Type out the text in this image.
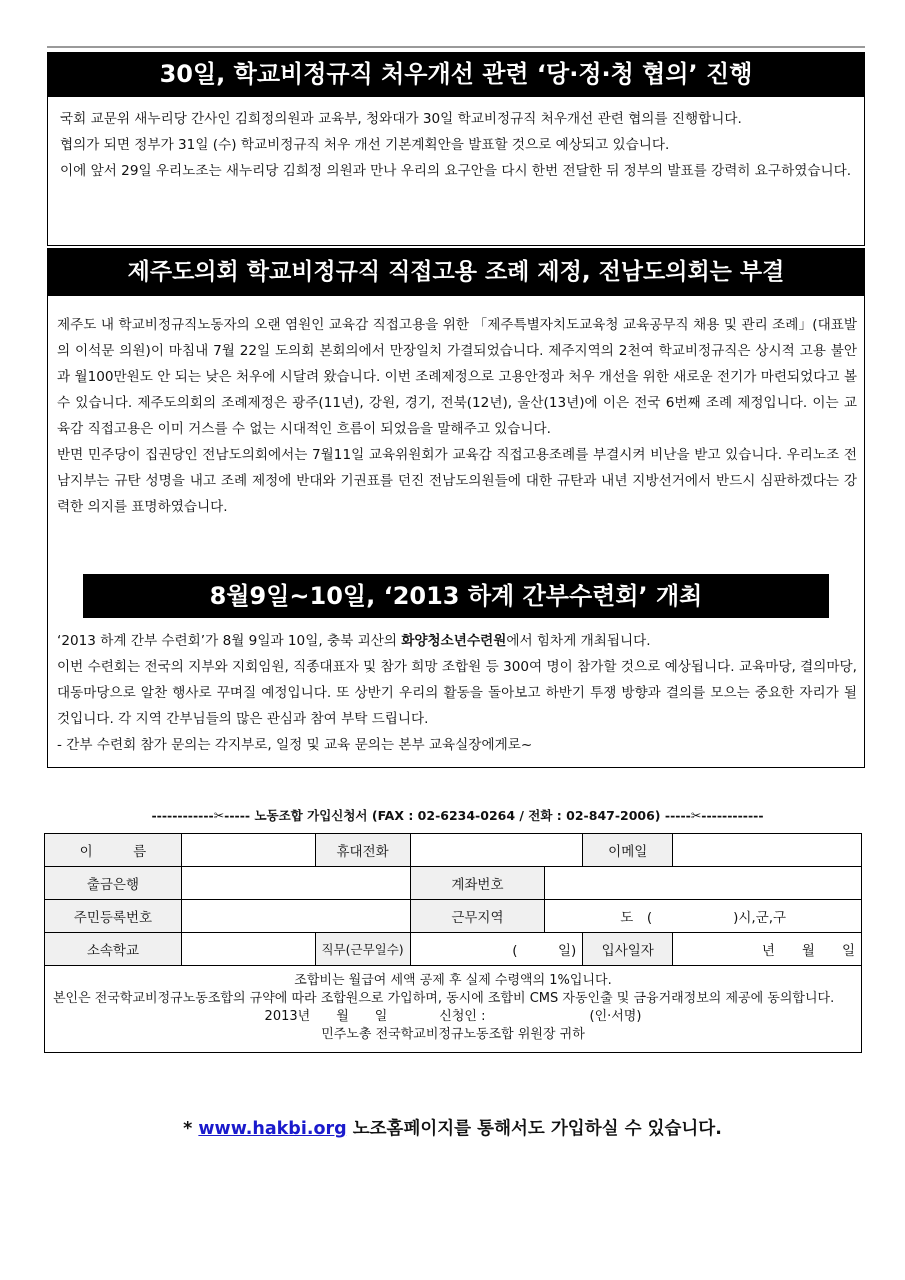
30일, 학교비정규직 처우개선 관련 ‘당·정·청 협의’ 진행

국회 교문위 새누리당 간사인 김희정의원과 교육부, 청와대가 30일 학교비정규직 처우개선 관련 협의를 진행합니다.

협의가 되면 정부가 31일 (수) 학교비정규직 처우 개선 기본계획안을 발표할 것으로 예상되고 있습니다.

이에 앞서 29일 우리노조는 새누리당 김희정 의원과 만나 우리의 요구안을 다시 한번 전달한 뒤 정부의 발표를 강력히 요구하였습니다.

제주도의회 학교비정규직 직접고용 조례 제정, 전남도의회는 부결

제주도 내 학교비정규직노동자의 오랜 염원인 교육감 직접고용을 위한 「제주특별자치도교육청 교육공무직 채용 및 관리 조례」(대표발의 이석문 의원)이 마침내 7월 22일 도의회 본회의에서 만장일치 가결되었습니다. 제주지역의 2천여 학교비정규직은 상시적 고용 불안과 월100만원도 안 되는 낮은 처우에 시달려 왔습니다. 이번 조례제정으로 고용안정과 처우 개선을 위한 새로운 전기가 마련되었다고 볼 수 있습니다. 제주도의회의 조례제정은 광주(11년), 강원, 경기, 전북(12년), 울산(13년)에 이은 전국 6번째 조례 제정입니다. 이는 교육감 직접고용은 이미 거스를 수 없는 시대적인 흐름이 되었음을 말해주고 있습니다.

반면 민주당이 집권당인 전남도의회에서는 7월11일 교육위원회가 교육감 직접고용조례를 부결시켜 비난을 받고 있습니다. 우리노조 전남지부는 규탄 성명을 내고 조례 제정에 반대와 기권표를 던진 전남도의원들에 대한 규탄과 내년 지방선거에서 반드시 심판하겠다는 강력한 의지를 표명하였습니다.

8월9일~10일, ‘2013 하계 간부수련회’ 개최

‘2013 하계 간부 수련회’가 8월 9일과 10일, 충북 괴산의 화양청소년수련원에서 힘차게 개최됩니다.

이번 수련회는 전국의 지부와 지회임원, 직종대표자 및 참가 희망 조합원 등 300여 명이 참가할 것으로 예상됩니다. 교육마당, 결의마당, 대동마당으로 알찬 행사로 꾸며질 예정입니다. 또 상반기 우리의 활동을 돌아보고 하반기 투쟁 방향과 결의를 모으는 중요한 자리가 될 것입니다. 각 지역 간부님들의 많은 관심과 참여 부탁 드립니다.

- 간부 수련회 참가 문의는 각지부로, 일정 및 교육 문의는 본부 교육실장에게로~

------------✂----- 노동조합 가입신청서 (FAX : 02-6234-0264 / 전화 : 02-847-2006) -----✂------------
이　　　름		휴대전화			이메일	
출금은행			계좌번호			
주민등록번호			근무지역	도　(　　　　　　)시,군,구		
소속학교		직무(근무일수)	(　　　일)		입사일자	년　　월　　일

조합비는 월급여 세액 공제 후 실제 수령액의 1%입니다.
본인은 전국학교비정규노동조합의 규약에 따라 조합원으로 가입하며, 동시에 조합비 CMS 자동인출 및 금융거래정보의 제공에 동의합니다.
2013년　　월　　일　　　　신청인 :　　　　　　　　(인·서명)
민주노총 전국학교비정규노동조합 위원장 귀하						
* www.hakbi.org 노조홈페이지를 통해서도 가입하실 수 있습니다.
